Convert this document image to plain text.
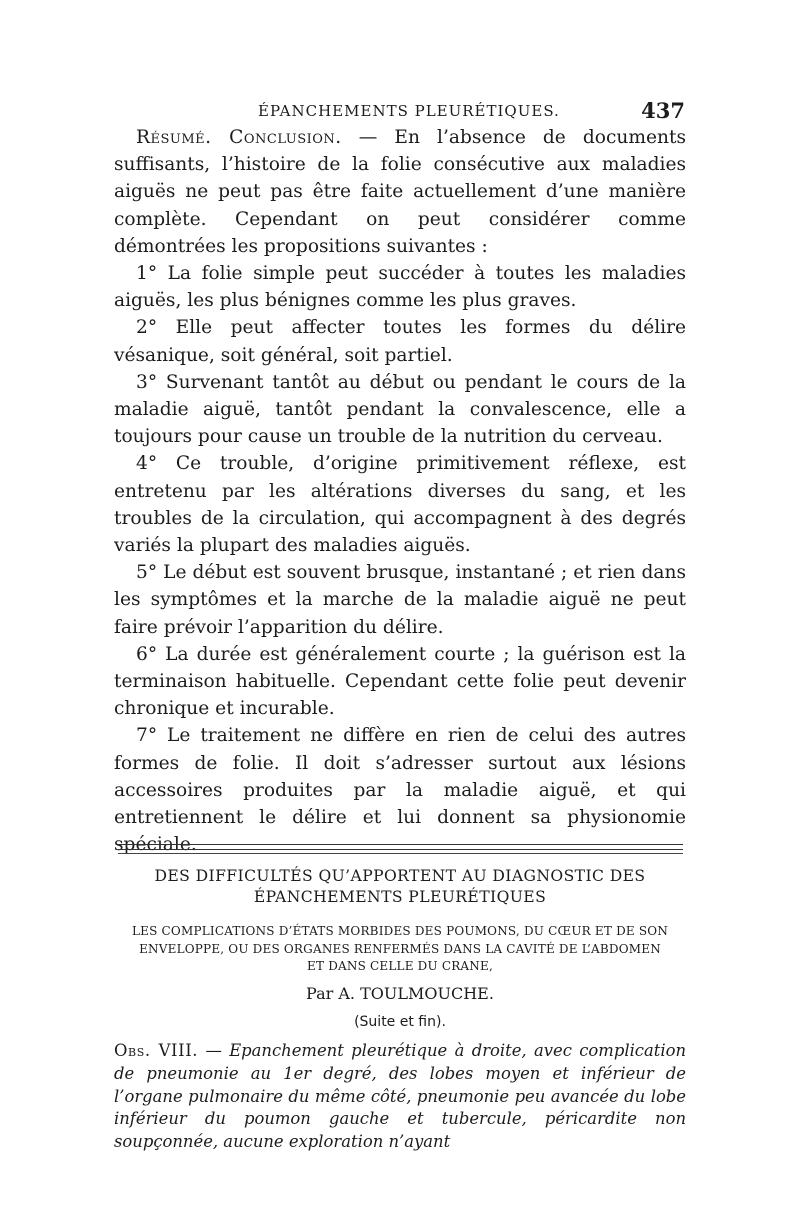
ÉPANCHEMENTS PLEURÉTIQUES.	437

Résumé. Conclusion. — En l’absence de documents suffisants, l’histoire de la folie consécutive aux maladies aiguës ne peut pas être faite actuellement d’une manière complète. Cependant on peut considérer comme démontrées les propositions suivantes :

1° La folie simple peut succéder à toutes les maladies aiguës, les plus bénignes comme les plus graves.

2° Elle peut affecter toutes les formes du délire vésanique, soit général, soit partiel.

3° Survenant tantôt au début ou pendant le cours de la maladie aiguë, tantôt pendant la convalescence, elle a toujours pour cause un trouble de la nutrition du cerveau.

4° Ce trouble, d’origine primitivement réflexe, est entretenu par les altérations diverses du sang, et les troubles de la circulation, qui accompagnent à des degrés variés la plupart des maladies aiguës.

5° Le début est souvent brusque, instantané ; et rien dans les symptômes et la marche de la maladie aiguë ne peut faire prévoir l’apparition du délire.

6° La durée est généralement courte ; la guérison est la terminaison habituelle. Cependant cette folie peut devenir chronique et incurable.

7° Le traitement ne diffère en rien de celui des autres formes de folie. Il doit s’adresser surtout aux lésions accessoires produites par la maladie aiguë, et qui entretiennent le délire et lui donnent sa physionomie spéciale.

DES DIFFICULTÉS QU’APPORTENT AU DIAGNOSTIC DES
ÉPANCHEMENTS PLEURÉTIQUES
LES COMPLICATIONS D’ÉTATS MORBIDES DES POUMONS, DU CŒUR ET DE SON
ENVELOPPE, OU DES ORGANES RENFERMÉS DANS LA CAVITÉ DE L’ABDOMEN
ET DANS CELLE DU CRANE,
Par A. TOULMOUCHE.
(Suite et fin).
Obs. VIII. — Epanchement pleurétique à droite, avec complication de pneumonie au 1er degré, des lobes moyen et inférieur de l’organe pulmonaire du même côté, pneumonie peu avancée du lobe inférieur du poumon gauche et tubercule, péricardite non soupçonnée, aucune exploration n’ayant
